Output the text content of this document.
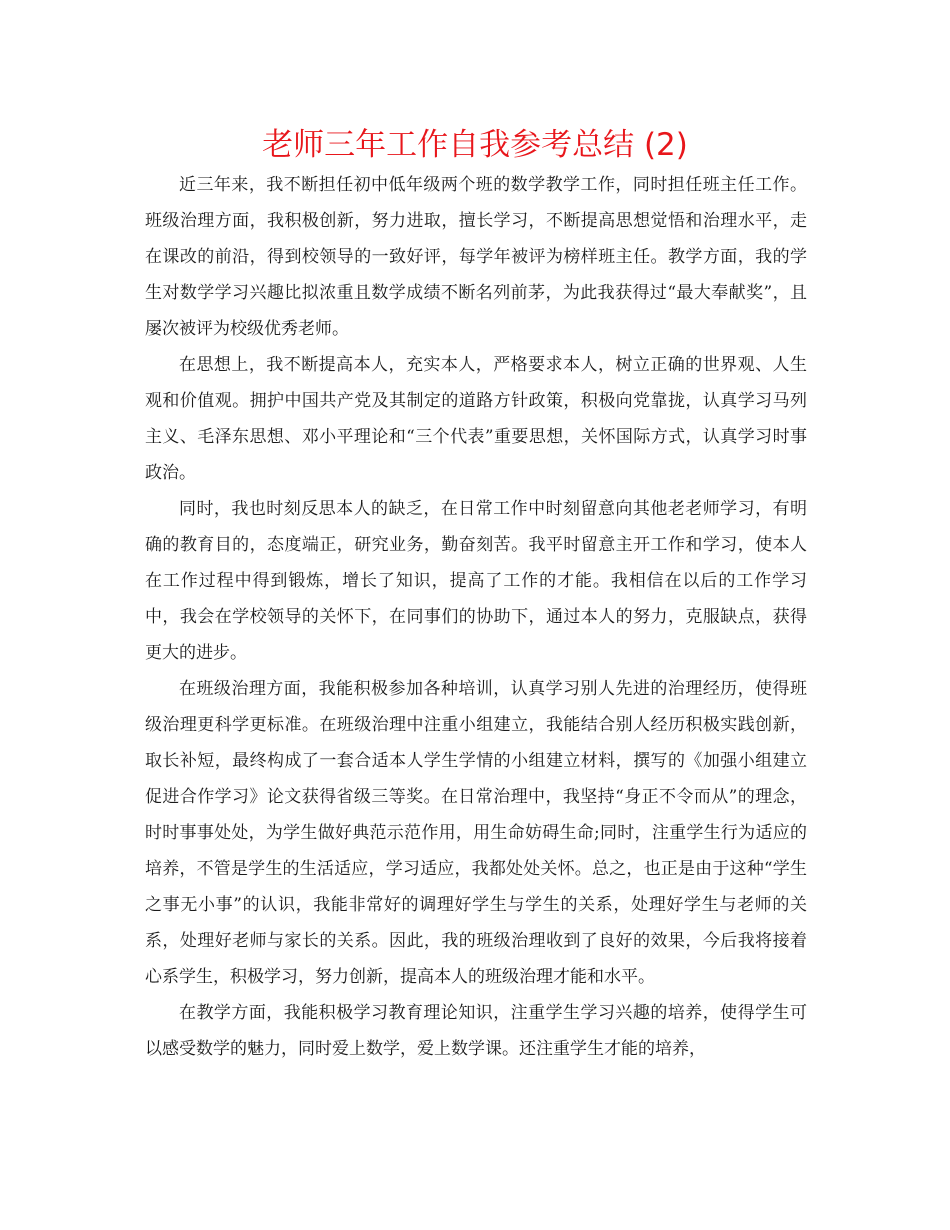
老师三年工作自我参考总结 (2)

近三年来，我不断担任初中低年级两个班的数学教学工作，同时担任班主任工作。班级治理方面，我积极创新，努力进取，擅长学习，不断提高思想觉悟和治理水平，走在课改的前沿，得到校领导的一致好评，每学年被评为榜样班主任。教学方面，我的学生对数学学习兴趣比拟浓重且数学成绩不断名列前茅，为此我获得过“最大奉献奖”，且屡次被评为校级优秀老师。

在思想上，我不断提高本人，充实本人，严格要求本人，树立正确的世界观、人生观和价值观。拥护中国共产党及其制定的道路方针政策，积极向党靠拢，认真学习马列主义、毛泽东思想、邓小平理论和“三个代表”重要思想，关怀国际方式，认真学习时事政治。

同时，我也时刻反思本人的缺乏，在日常工作中时刻留意向其他老老师学习，有明确的教育目的，态度端正，研究业务，勤奋刻苦。我平时留意主开工作和学习，使本人在工作过程中得到锻炼，增长了知识，提高了工作的才能。我相信在以后的工作学习中，我会在学校领导的关怀下，在同事们的协助下，通过本人的努力，克服缺点，获得更大的进步。

在班级治理方面，我能积极参加各种培训，认真学习别人先进的治理经历，使得班级治理更科学更标准。在班级治理中注重小组建立，我能结合别人经历积极实践创新，取长补短，最终构成了一套合适本人学生学情的小组建立材料，撰写的《加强小组建立促进合作学习》论文获得省级三等奖。在日常治理中，我坚持“身正不令而从”的理念，时时事事处处，为学生做好典范示范作用，用生命妨碍生命;同时，注重学生行为适应的培养，不管是学生的生活适应，学习适应，我都处处关怀。总之，也正是由于这种“学生之事无小事”的认识，我能非常好的调理好学生与学生的关系，处理好学生与老师的关系，处理好老师与家长的关系。因此，我的班级治理收到了良好的效果，今后我将接着心系学生，积极学习，努力创新，提高本人的班级治理才能和水平。

在教学方面，我能积极学习教育理论知识，注重学生学习兴趣的培养，使得学生可以感受数学的魅力，同时爱上数学，爱上数学课。还注重学生才能的培养，
